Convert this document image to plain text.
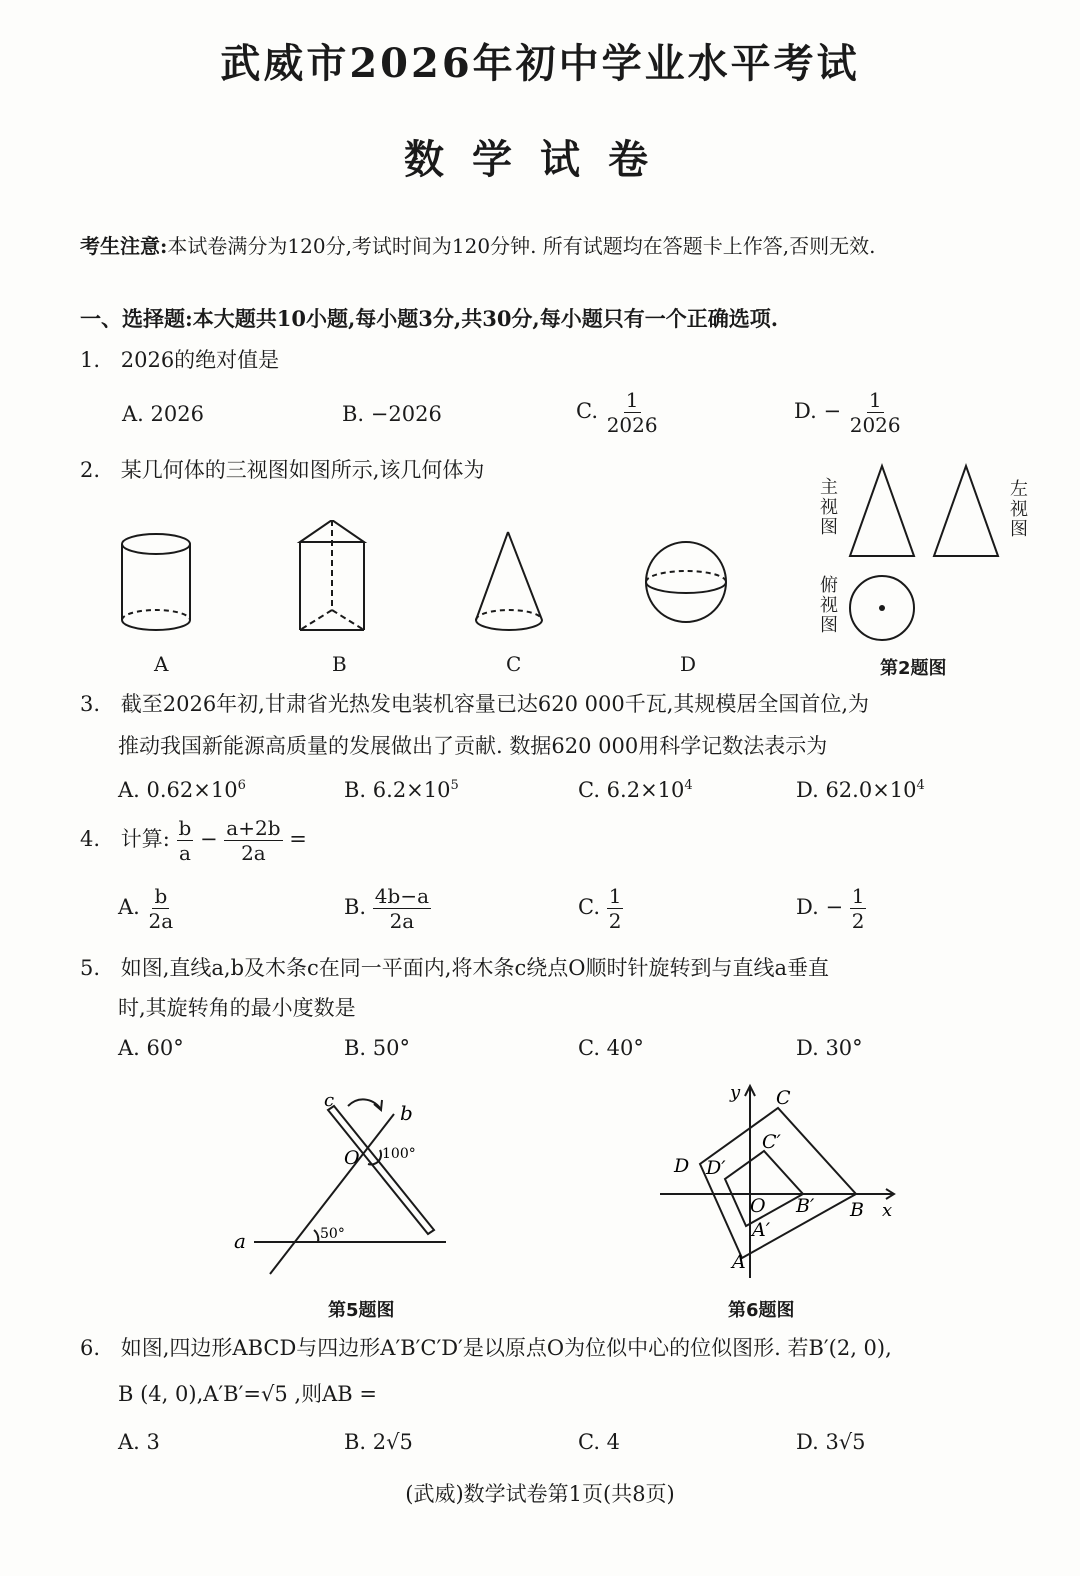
武威市2026年初中学业水平考试
数学试卷
考生注意:本试卷满分为120分,考试时间为120分钟. 所有试题均在答题卡上作答,否则无效.
一、选择题:本大题共10小题,每小题3分,共30分,每小题只有一个正确选项.
1. 2026的绝对值是
A. 2026	B. −2026	C. $\frac{1}{2026}$	D. − $\frac{1}{2026}$
2. 某几何体的三视图如图所示,该几何体为
A	B	C	D
主视图
左视图
俯视图
第2题图
3. 截至2026年初,甘肃省光热发电装机容量已达620 000千瓦,其规模居全国首位,为
推动我国新能源高质量的发展做出了贡献. 数据620 000用科学记数法表示为
A. $0.62\times 10^6$	B. $6.2\times 10^5$	C. $6.2\times 10^4$	D. $62.0\times 10^4$
4. 计算: $\frac{b}{a} - \frac{a+2b}{2a}$ =
A. $\frac{b}{2a}$	B. $\frac{4b-a}{2a}$	C. $\frac{1}{2}$	D. − $\frac{1}{2}$
5. 如图,直线a,b及木条c在同一平面内,将木条c绕点O顺时针旋转到与直线a垂直
时,其旋转角的最小度数是
A. 60°	B. 50°	C. 40°	D. 30°
c
b
O 100°
50°
a
第5题图
y
x
C
C′
D D′
O B′ B
A′
A
第6题图
6. 如图,四边形ABCD与四边形A′B′C′D′是以原点O为位似中心的位似图形. 若B′(2, 0),
B (4, 0),A′B′=√5 ,则AB =
A. 3	B. 2√5	C. 4	D. 3√5
(武威)数学试卷第1页(共8页)
